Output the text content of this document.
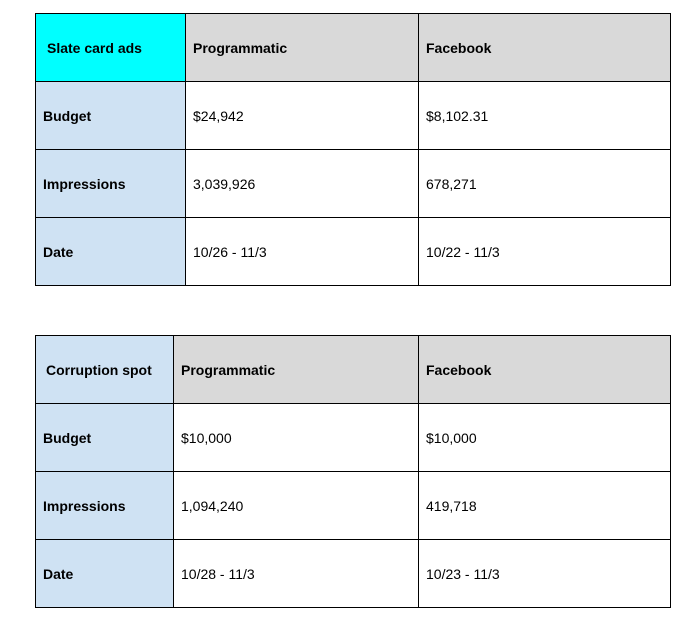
Slate card ads	Programmatic	Facebook
Budget	$24,942	$8,102.31
Impressions	3,039,926	678,271
Date	10/26 - 11/3	10/22 - 11/3
Corruption spot	Programmatic	Facebook
Budget	$10,000	$10,000
Impressions	1,094,240	419,718
Date	10/28 - 11/3	10/23 - 11/3
